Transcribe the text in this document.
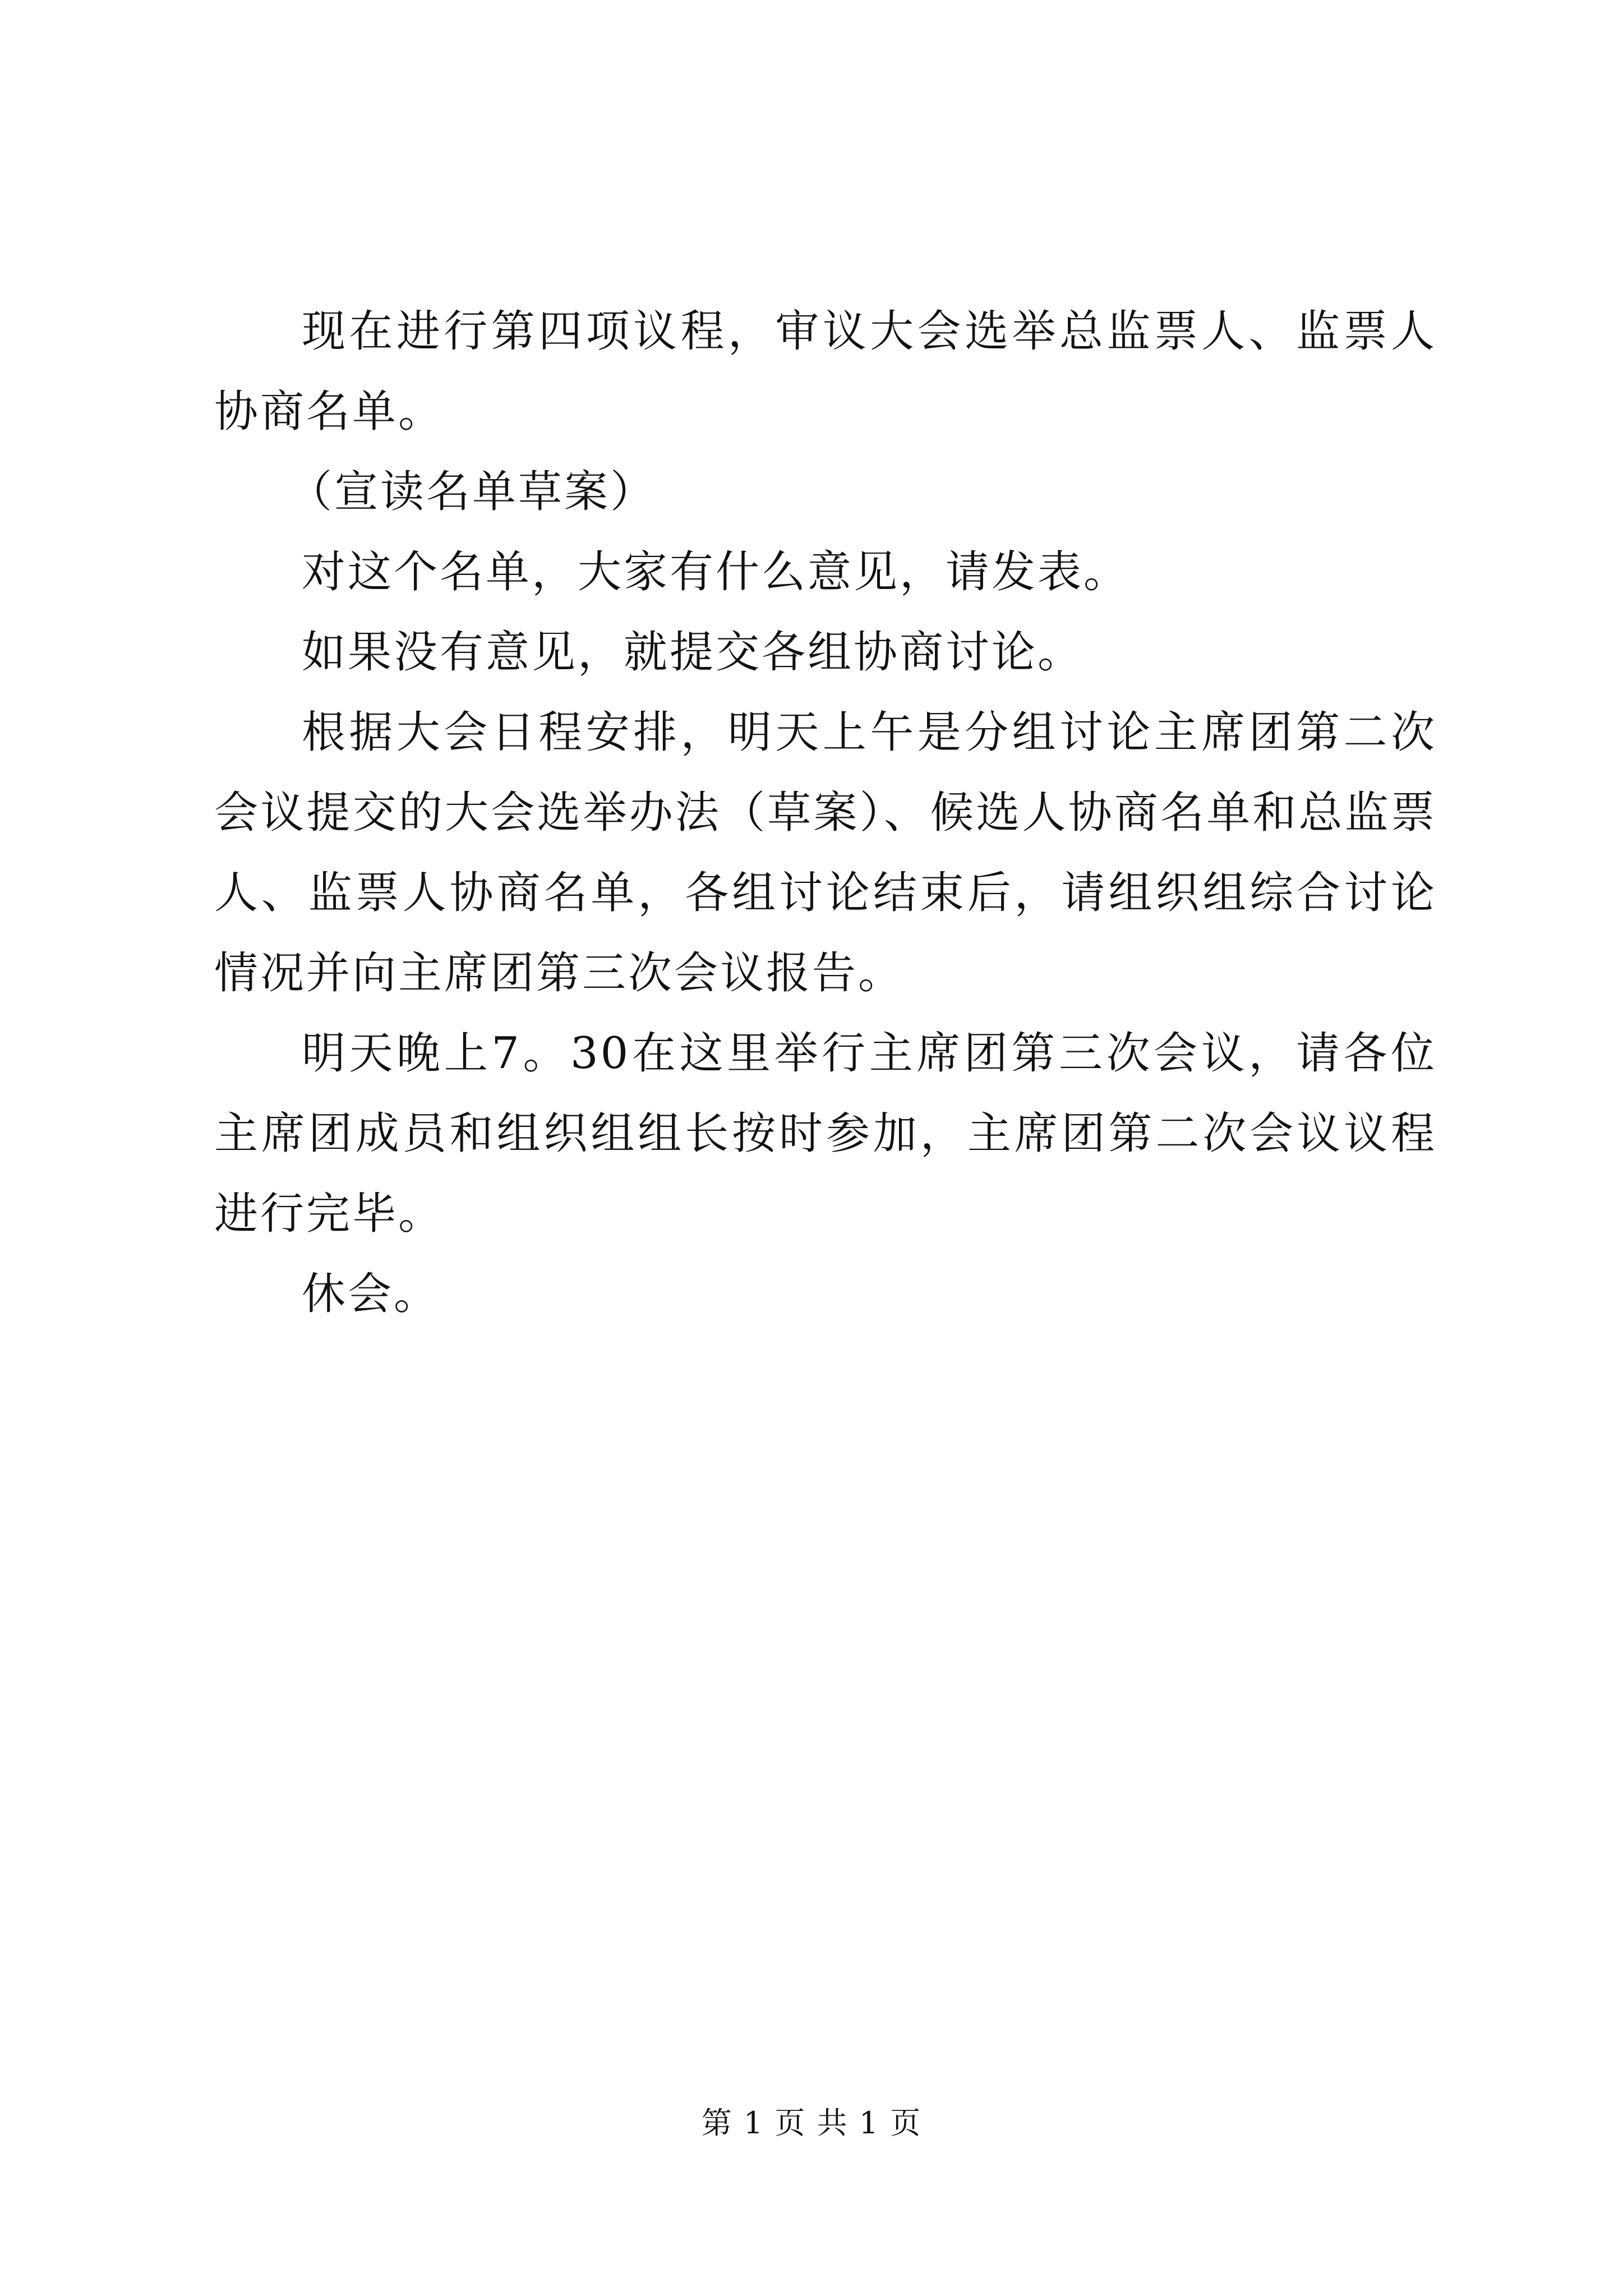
现在进行第四项议程，审议大会选举总监票人、监票人协商名单。

（宣读名单草案）

对这个名单，大家有什么意见，请发表。

如果没有意见，就提交各组协商讨论。

根据大会日程安排，明天上午是分组讨论主席团第二次会议提交的大会选举办法（草案）、候选人协商名单和总监票人、监票人协商名单，各组讨论结束后，请组织组综合讨论情况并向主席团第三次会议报告。

明天晚上7。30在这里举行主席团第三次会议，请各位主席团成员和组织组组长按时参加，主席团第二次会议议程进行完毕。

休会。

第 1 页 共 1 页
